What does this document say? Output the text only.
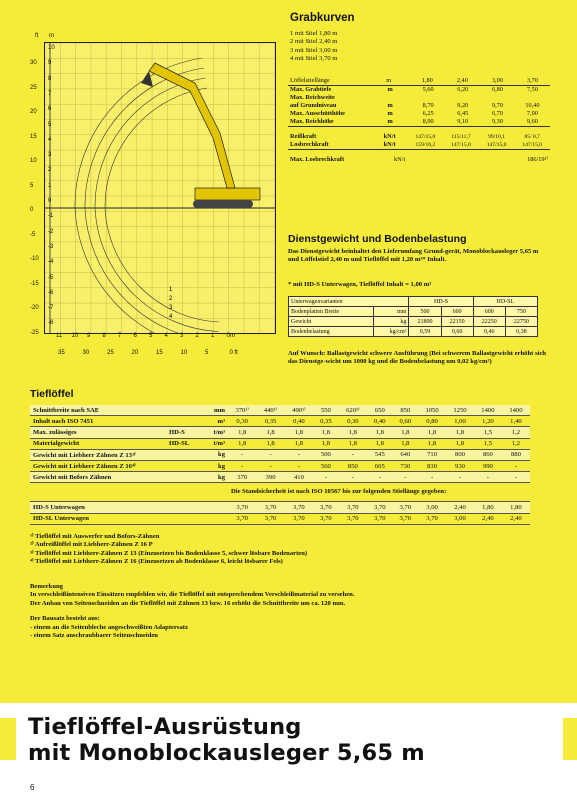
ft m
1
2
3
4
30
25
20
15
10
5
0
-5
-10
-15
-20
-25
10
9
8
7
6
5
4
3
2
1
0
-1
-2
-3
-4
-5
-6
-7
-8
11 10 9 8 7 6 5 4 3 2 1 0m
35	30	25	20	15	10	5	0 ft
Grabkurven
1 mit Stiel 1,80 m
2 mit Stiel 2,40 m
3 mit Stiel 3,00 m
4 mit Stiel 3,70 m
Löffelstiellänge	m	1,80	2,40	3,00	3,70
Max. Grabtiefe	m	5,60	6,20	6,80	7,50
Max. Reichweite					
auf Grundniveau	m	8,70	9,20	9,70	10,40
Max. Ausschütthöhe	m	6,25	6,45	6,70	7,00
Max. Reichhöhe	m	8,90	9,10	9,30	9,60
Reißkraft	kN/t	147/15,0	115/11,7	99/10,1	85/ 8,7
Losbrechkraft	kN/t	159/16,2	147/15,0	147/15,0	147/15,0
Max. Losbrechkraft	kN/t	186/19²⁾
Dienstgewicht und Bodenbelastung
Das Dienstgewicht beinhaltet den Lieferumfang Grund-gerät, Monoblockausleger 5,65 m und Löffelstiel 2,40 m und Tieflöffel mit 1,20 m³* Inhalt.
* mit HD-S Unterwagen, Tieflöffel Inhalt = 1,00 m³
Unterwagenvarianten		HD-S		HD-SL	
Bodenplatten Breite	mm	500	600	600	750
Gewicht	kg	21800	22150	22250	22750
Bodenbelastung	kg/cm²	0,59	0,60	0,46	0,38
Auf Wunsch: Ballastgewicht schwere Ausführung (Bei schwerem Ballastgewicht erhöht sich das Dienstge-wicht um 1000 kg und die Bodenbelastung um 0,02 kg/cm²)
Tieflöffel
Schnittbreite nach SAE		mm	370¹⁾	440¹⁾	490¹⁾	550	620²⁾	650	850	1050	1250	1400	1400
Inhalt nach ISO 7451		m³	0,30	0,35	0,40	0,35	0,30	0,40	0,60	0,80	1,00	1,20	1,40
Max. zulässiges	HD-S	t/m³	1,8	1,8	1,8	1,8	1,8	1,8	1,8	1,8	1,8	1,5	1,2
Materialgewicht	HD-SL	t/m³	1,8	1,8	1,8	1,8	1,8	1,8	1,8	1,8	1,8	1,5	1,2
Gewicht mit Liebherr Zähnen Z 13³⁾		kg	-	-	-	500	-	545	640	710	800	860	880
Gewicht mit Liebherr Zähnen Z 16⁴⁾		kg	-	-	-	560	850	605	730	830	930	990	-
Gewicht mit Bofors Zähnen		kg	370	390	410	-	-	-	-	-	-	-	-
			Die Standsicherheit ist nach ISO 10567 bis zur folgenden Stiellänge gegeben:										
HD-S Unterwagen			3,70	3,70	3,70	3,70	3,70	3,70	3,70	3,00	2,40	1,80	1,80
HD-SL Unterwagen			3,70	3,70	3,70	3,70	3,70	3,70	3,70	3,70	3,00	2,40	2,40
¹⁾ Tieflöffel mit Auswerfer und Bofors-Zähnen
²⁾ Aufreißlöffel mit Liebherr-Zähnen Z 16 P
³⁾ Tieflöffel mit Liebherr-Zähnen Z 13 (Einzusetzen bis Bodenklasse 5, schwer lösbare Bodenarten)
⁴⁾ Tieflöffel mit Liebherr-Zähnen Z 16 (Einzusetzen ab Bodenklasse 6, leicht lösbarer Fels)
Bemerkung
In verschleißintensiven Einsätzen empfehlen wir, die Tieflöffel mit entsprechendem Verschleißmaterial zu versehen.
Der Anbau von Seitenschneiden an die Tieflöffel mit Zähnen 13 bzw. 16 erhöht die Schnittbreite um ca. 120 mm.
Der Bausatz besteht aus:
- einem an die Seitenbleche angeschweißten Adaptersatz
- einem Satz anschraubbarer Seitenschneiden
Tieflöffel-Ausrüstung
mit Monoblockausleger 5,65 m
6
